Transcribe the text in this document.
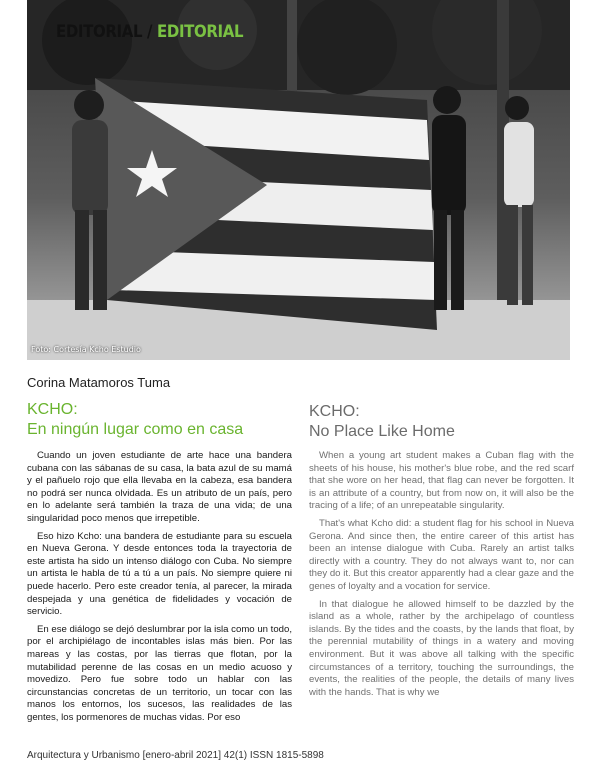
EDITORIAL / EDITORIAL
Foto: Cortesía Kcho Estudio
Corina Matamoros Tuma
KCHO:
En ningún lugar como en casa
KCHO:
No Place Like Home

Cuando un joven estudiante de arte hace una bandera cubana con las sábanas de su casa, la bata azul de su mamá y el pañuelo rojo que ella llevaba en la cabeza, esa bandera no podrá ser nunca olvidada. Es un atributo de un país, pero en lo adelante será también la traza de una vida; de una singularidad poco menos que irrepetible.

Eso hizo Kcho: una bandera de estudiante para su escuela en Nueva Gerona. Y desde entonces toda la trayectoria de este artista ha sido un intenso diálogo con Cuba. No siempre un artista le habla de tú a tú a un país. No siempre quiere ni puede hacerlo. Pero este creador tenía, al parecer, la mirada despejada y una genética de fidelidades y vocación de servicio.

En ese diálogo se dejó deslumbrar por la isla como un todo, por el archipiélago de incontables islas más bien. Por las mareas y las costas, por las tierras que flotan, por la mutabilidad perenne de las cosas en un medio acuoso y movedizo. Pero fue sobre todo un hablar con las circunstancias concretas de un territorio, un tocar con las manos los entornos, los sucesos, las realidades de las gentes, los pormenores de muchas vidas. Por eso

When a young art student makes a Cuban flag with the sheets of his house, his mother's blue robe, and the red scarf that she wore on her head, that flag can never be forgotten. It is an attribute of a country, but from now on, it will also be the tracing of a life; of an unrepeatable singularity.

That's what Kcho did: a student flag for his school in Nueva Gerona. And since then, the entire career of this artist has been an intense dialogue with Cuba. Rarely an artist talks directly with a country. They do not always want to, nor can they do it. But this creator apparently had a clear gaze and the genes of loyalty and a vocation for service.

In that dialogue he allowed himself to be dazzled by the island as a whole, rather by the archipelago of countless islands. By the tides and the coasts, by the lands that float, by the perennial mutability of things in a watery and moving environment. But it was above all talking with the specific circumstances of a territory, touching the surroundings, the events, the realities of the people, the details of many lives with the hands. That is why we

Arquitectura y Urbanismo [enero-abril 2021] 42(1) ISSN 1815-5898
